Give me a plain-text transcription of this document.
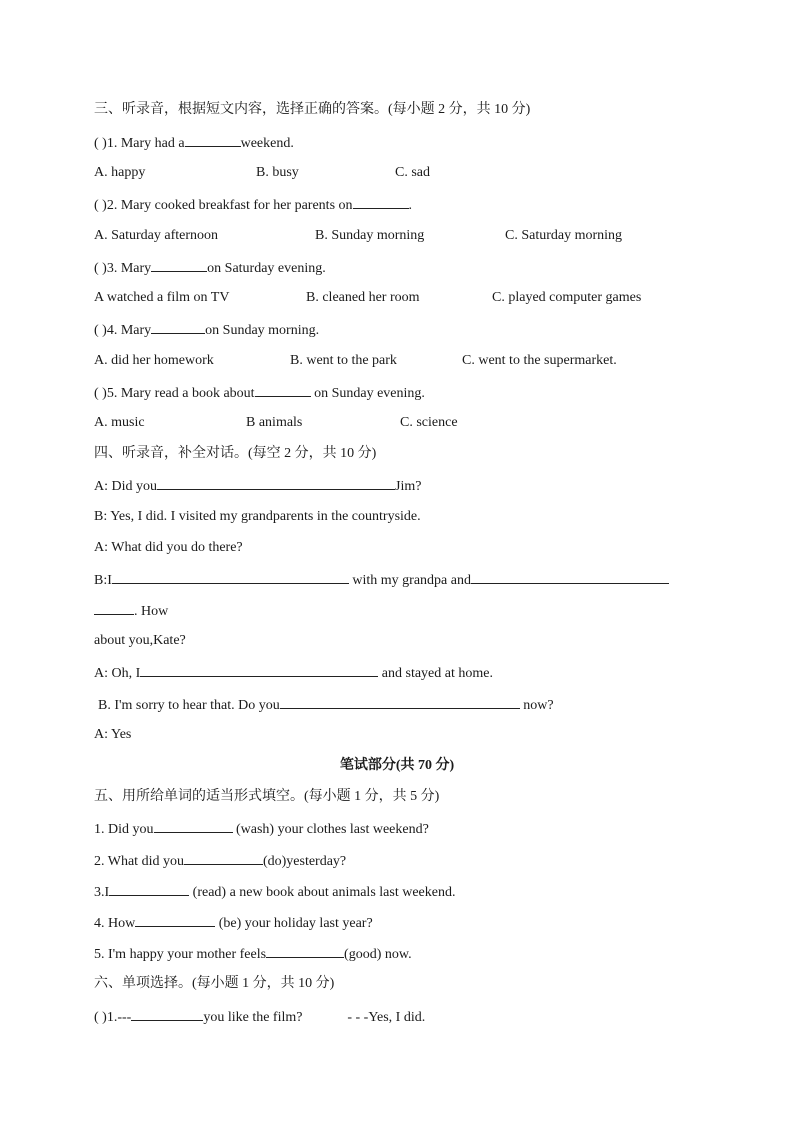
三、听录音，根据短文内容，选择正确的答案。(每小题 2 分，共 10 分)
( )1. Mary had a	weekend.
A. happy	B. busy	C. sad
( )2. Mary cooked breakfast for her parents on	.
A. Saturday afternoon	B. Sunday morning	C. Saturday morning
( )3. Mary	on Saturday evening.
A watched a film on TV	B. cleaned her room	C. played computer games
( )4. Mary	on Sunday morning.
A. did her homework	B. went to the park	C. went to the supermarket.
( )5. Mary read a book about	on Sunday evening.
A. music	B animals	C. science
四、听录音，补全对话。(每空 2 分，共 10 分)
A: Did you	Jim?
B: Yes, I did. I visited my grandparents in the countryside.
A: What did you do there?
B:I	with my grandpa and
. How
about you,Kate?
A: Oh, I	and stayed at home.
B. I'm sorry to hear that. Do you	now?
A: Yes
笔试部分(共 70 分)
五、用所给单词的适当形式填空。(每小题 1 分，共 5 分)
1. Did you	(wash) your clothes last weekend?
2. What did you	(do)yesterday?
3.I	(read) a new book about animals last weekend.
4. How	(be) your holiday last year?
5. I'm happy your mother feels	(good) now.
六、单项选择。(每小题 1 分，共 10 分)
( )1.---	you like the film?	- - -Yes, I did.
